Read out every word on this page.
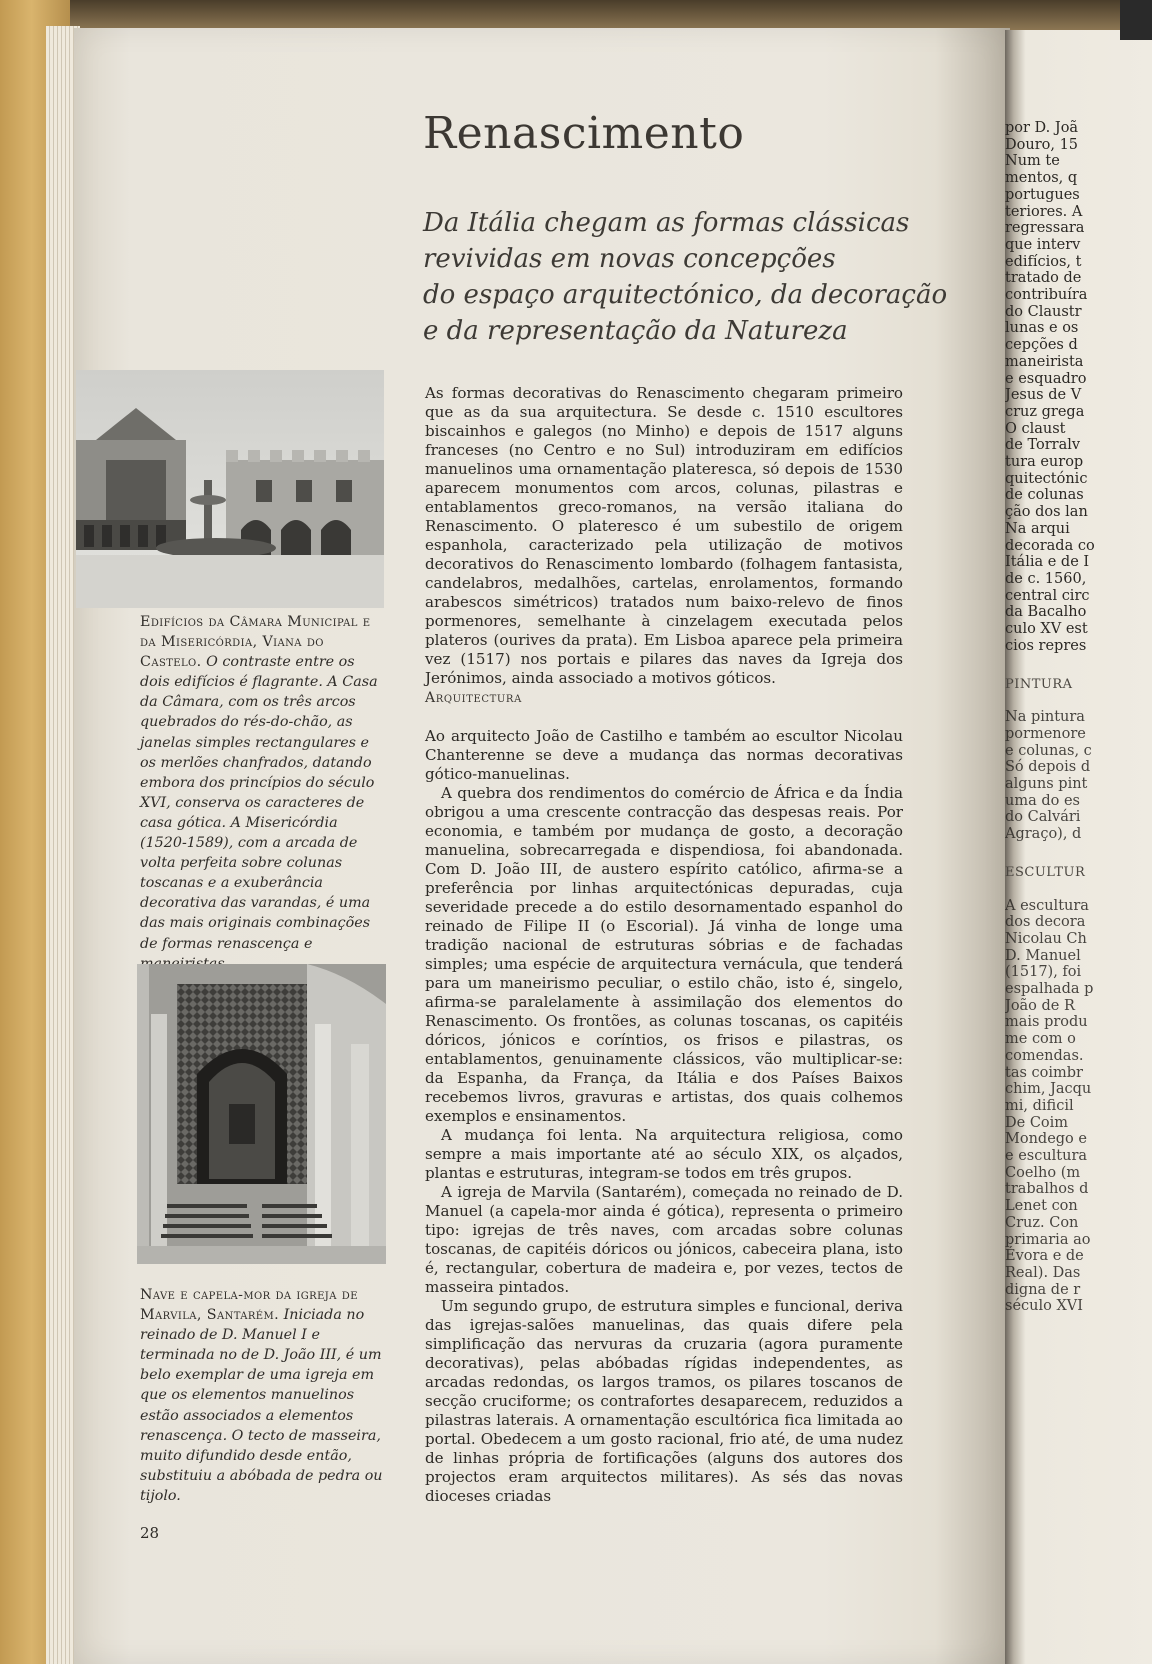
Renascimento
Da Itália chegam as formas clássicas
revividas em novas concepções
do espaço arquitectónico, da decoração
e da representação da Natureza
Edifícios da Câmara Municipal e da Misericórdia, Viana do Castelo. O contraste entre os dois edifícios é flagrante. A Casa da Câmara, com os três arcos quebrados do rés-do-chão, as janelas simples rectangulares e os merlões chanfrados, datando embora dos princípios do século XVI, conserva os caracteres de casa gótica. A Misericórdia (1520-1589), com a arcada de volta perfeita sobre colunas toscanas e a exuberância decorativa das varandas, é uma das mais originais combinações de formas renascença e
Nave e capela-mor da igreja de Marvila, Santarém. Iniciada no reinado de D. Manuel I e terminada no de D. João III, é um belo exemplar de uma igreja em que os elementos manuelinos estão associados a elementos renascença. O tecto de masseira, muito difundido desde então, substituiu a abóbada de pedra ou tijolo.

As formas decorativas do Renascimento chegaram primeiro que as da sua arquitectura. Se desde c. 1510 escultores biscainhos e galegos (no Minho) e depois de 1517 alguns franceses (no Centro e no Sul) introduziram em edifícios manuelinos uma ornamentação plateresca, só depois de 1530 aparecem monumentos com arcos, colunas, pilastras e entablamentos greco-romanos, na versão italiana do Renascimento. O plateresco é um subestilo de origem espanhola, caracterizado pela utilização de motivos decorativos do Renascimento lombardo (folhagem fantasista, candelabros, medalhões, cartelas, enrolamentos, formando arabescos simétricos) tratados num baixo-relevo de finos pormenores, semelhante à cinzelagem executada pelos plateros (ourives da prata). Em Lisboa aparece pela primeira vez (1517) nos portais e pilares das naves da Igreja dos Jerónimos, ainda associado a motivos góticos.

Arquitectura

Ao arquitecto João de Castilho e também ao escultor Nicolau Chanterenne se deve a mudança das normas decorativas gótico-manuelinas.

A quebra dos rendimentos do comércio de África e da Índia obrigou a uma crescente contracção das despesas reais. Por economia, e também por mudança de gosto, a decoração manuelina, sobrecarregada e dispendiosa, foi abandonada. Com D. João III, de austero espírito católico, afirma-se a preferência por linhas arquitectónicas depuradas, cuja severidade precede a do estilo desornamentado espanhol do reinado de Filipe II (o Escorial). Já vinha de longe uma tradição nacional de estruturas sóbrias e de fachadas simples; uma espécie de arquitectura vernácula, que tenderá para um maneirismo peculiar, o estilo chão, isto é, singelo, afirma-se paralelamente à assimilação dos elementos do Renascimento. Os frontões, as colunas toscanas, os capitéis dóricos, jónicos e coríntios, os frisos e pilastras, os entablamentos, genuinamente clássicos, vão multiplicar-se: da Espanha, da França, da Itália e dos Países Baixos recebemos livros, gravuras e artistas, dos quais colhemos exemplos e ensinamentos.

A mudança foi lenta. Na arquitectura religiosa, como sempre a mais importante até ao século XIX, os alçados, plantas e estruturas, integram-se todos em três grupos.

A igreja de Marvila (Santarém), começada no reinado de D. Manuel (a capela-mor ainda é gótica), representa o primeiro tipo: igrejas de três naves, com arcadas sobre colunas toscanas, de capitéis dóricos ou jónicos, cabeceira plana, isto é, rectangular, cobertura de madeira e, por vezes, tectos de masseira pintados.

Um segundo grupo, de estrutura simples e funcional, deriva das igrejas-salões manuelinas, das quais difere pela simplificação das nervuras da cruzaria (agora puramente decorativas), pelas abóbadas rígidas independentes, as arcadas redondas, os largos tramos, os pilares toscanos de secção cruciforme; os contrafortes desaparecem, reduzidos a pilastras laterais. A ornamentação escultórica fica limitada ao portal. Obedecem a um gosto racional, frio até, de uma nudez de linhas própria de fortificações (alguns dos autores dos projectos eram arquitectos militares). As sés das novas dioceses criadas

28
por D. Joã
Douro, 15
Num te
mentos, q
portugues
teriores. A
regressara
que interv
edifícios, t
tratado de
contribuíra
do Claustr
lunas e os
cepções d
maneirista
e esquadro
Jesus de V
cruz grega
O claust
de Torralv
tura europ
quitectónic
de colunas
ção dos lan
Na arqui
decorada co
Itália e de I
de c. 1560,
central circ
da Bacalho
culo XV est
cios repres
PINTURA
Na pintura
pormenore
e colunas, c
Só depois d
alguns pint
uma do es
do Calvári
Agraço), d
ESCULTUR
A escultura
dos decora
Nicolau Ch
D. Manuel
(1517), foi
espalhada p
João de R
mais produ
me com o
comendas.
tas coimbr
chim, Jacqu
mi, dificil
De Coim
Mondego e
e escultura
Coelho (m
trabalhos d
Lenet con
Cruz. Con
primaria ao
Évora e de
Real). Das
digna de r
século XVI
